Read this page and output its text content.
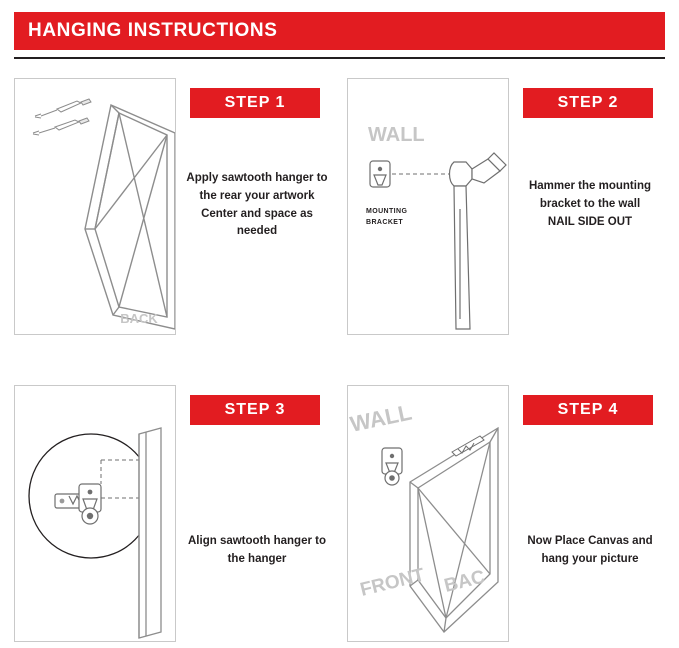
HANGING INSTRUCTIONS
BACK
STEP 1
Apply sawtooth hanger to the rear your artwork Center and space as needed
WALL
MOUNTING
BRACKET
STEP 2
Hammer the mounting bracket to the wall
NAIL SIDE OUT
STEP 3
Align sawtooth hanger to the hanger
WALL
FRONT BAC
STEP 4
Now Place Canvas and hang your picture
